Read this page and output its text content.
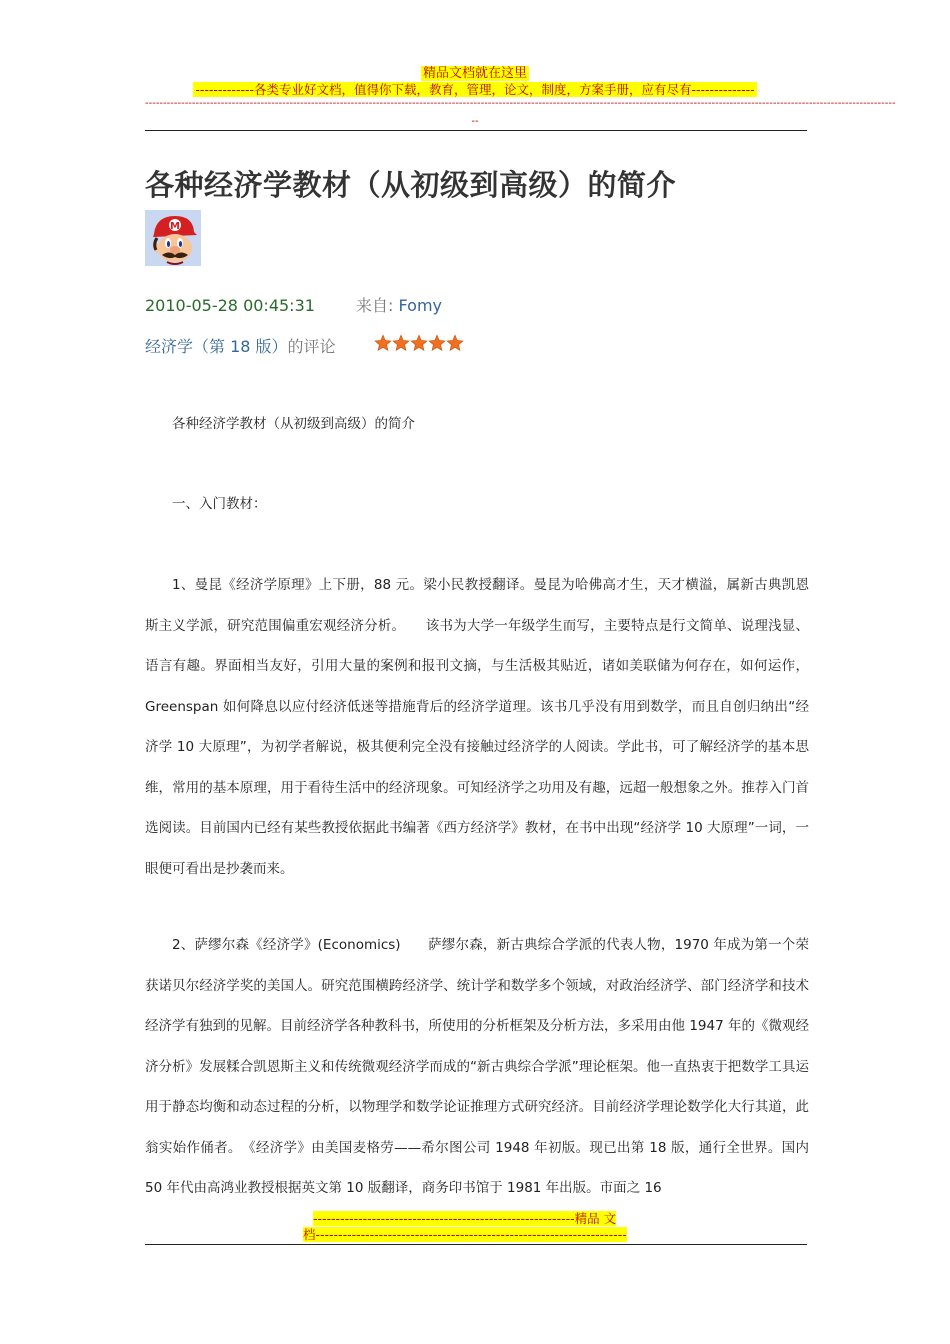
精品文档就在这里
-------------各类专业好文档，值得你下载，教育，管理，论文，制度，方案手册，应有尽有--------------
----------------------------------------------------------------------------------------------------------------------------------------------------------------------------------------------------------------
--
各种经济学教材（从初级到高级）的简介
M
2010-05-28 00:45:31	来自: Fomy
经济学（第 18 版）的评论

各种经济学教材（从初级到高级）的简介

一、入门教材：

1、曼昆《经济学原理》上下册，88 元。梁小民教授翻译。曼昆为哈佛高才生，天才横溢，属新古典凯恩斯主义学派，研究范围偏重宏观经济分析。　　该书为大学一年级学生而写，主要特点是行文简单、说理浅显、语言有趣。界面相当友好，引用大量的案例和报刊文摘，与生活极其贴近，诸如美联储为何存在，如何运作，Greenspan 如何降息以应付经济低迷等措施背后的经济学道理。该书几乎没有用到数学，而且自创归纳出“经济学 10 大原理”，为初学者解说，极其便利完全没有接触过经济学的人阅读。学此书，可了解经济学的基本思维，常用的基本原理，用于看待生活中的经济现象。可知经济学之功用及有趣，远超一般想象之外。推荐入门首选阅读。目前国内已经有某些教授依据此书编著《西方经济学》教材，在书中出现“经济学 10 大原理”一词，一眼便可看出是抄袭而来。

2、萨缪尔森《经济学》(Economics)　　萨缪尔森，新古典综合学派的代表人物，1970 年成为第一个荣获诺贝尔经济学奖的美国人。研究范围横跨经济学、统计学和数学多个领域，对政治经济学、部门经济学和技术经济学有独到的见解。目前经济学各种教科书，所使用的分析框架及分析方法，多采用由他 1947 年的《微观经济分析》发展糅合凯恩斯主义和传统微观经济学而成的“新古典综合学派”理论框架。他一直热衷于把数学工具运用于静态均衡和动态过程的分析，以物理学和数学论证推理方式研究经济。目前经济学理论数学化大行其道，此翁实始作俑者。　《经济学》由美国麦格劳——希尔图公司 1948 年初版。现已出第 18 版，通行全世界。国内 50 年代由高鸿业教授根据英文第 10 版翻译，商务印书馆于 1981 年出版。市面之 16

----------------------------------------------------------精品 文
档---------------------------------------------------------------------
